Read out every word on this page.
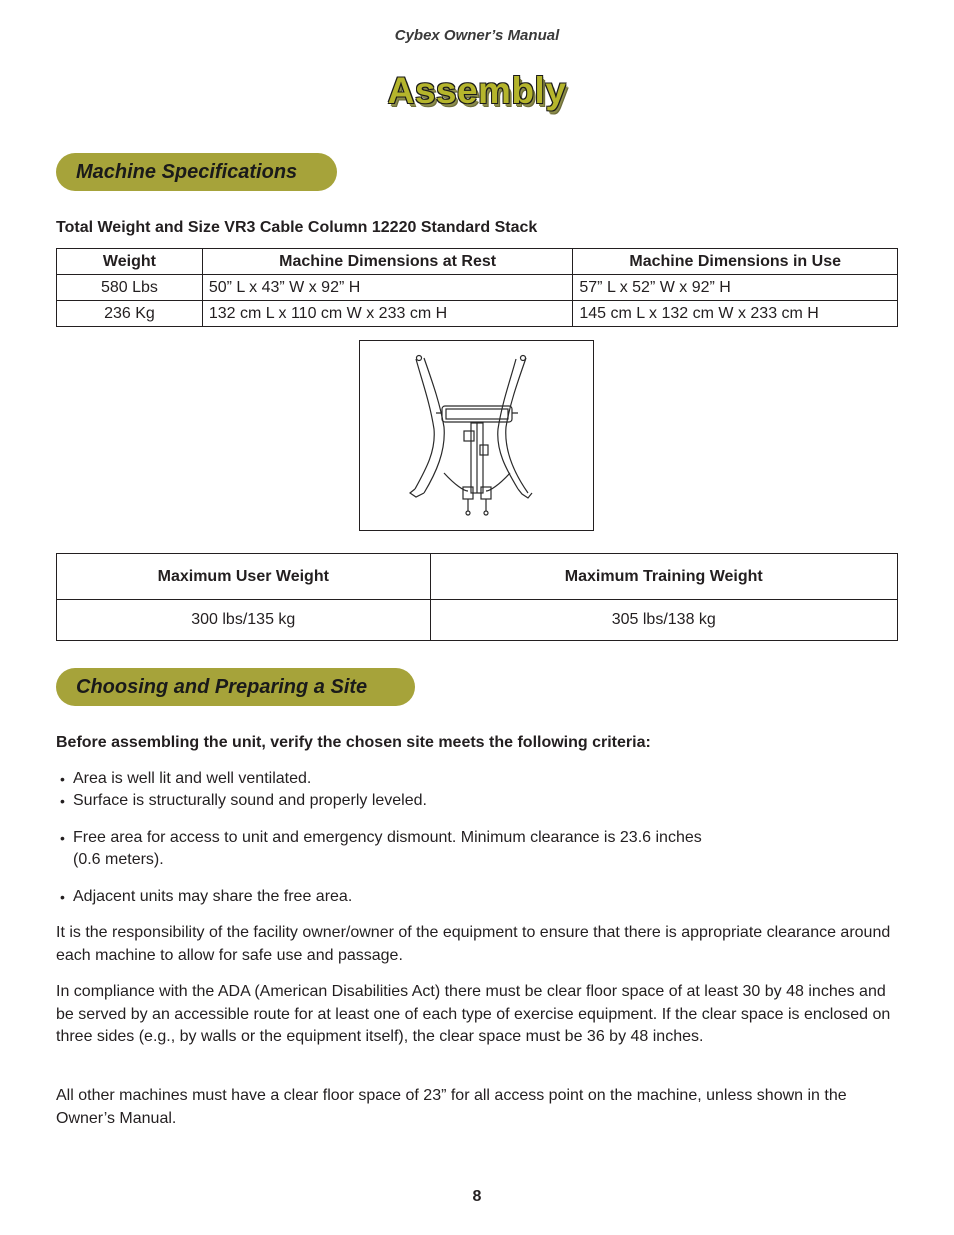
Cybex Owner’s Manual
Assembly
Machine Specifications
Total Weight and Size VR3 Cable Column 12220 Standard Stack
Weight	Machine Dimensions at Rest	Machine Dimensions in Use
580 Lbs	50” L x 43” W x 92” H	57” L x 52” W x 92” H
236 Kg	132 cm L x 110 cm W x 233 cm H	145 cm L x 132 cm W x 233 cm H
Maximum User Weight	Maximum Training Weight
300 lbs/135 kg	305 lbs/138 kg
Choosing and Preparing a Site
Before assembling the unit, verify the chosen site meets the following criteria:
• Area is well lit and well ventilated.
• Surface is structurally sound and properly leveled.
• Free area for access to unit and emergency dismount. Minimum clearance is 23.6 inches
(0.6 meters).
• Adjacent units may share the free area.
It is the responsibility of the facility owner/owner of the equipment to ensure that there is appropriate clearance around each machine to allow for safe use and passage.
In compliance with the ADA (American Disabilities Act) there must be clear floor space of at least 30 by 48 inches and be served by an accessible route for at least one of each type of exercise equipment. If the clear space is enclosed on three sides (e.g., by walls or the equipment itself), the clear space must be 36 by 48 inches.
All other machines must have a clear floor space of 23” for all access point on the machine, unless shown in the Owner’s Manual.
8
